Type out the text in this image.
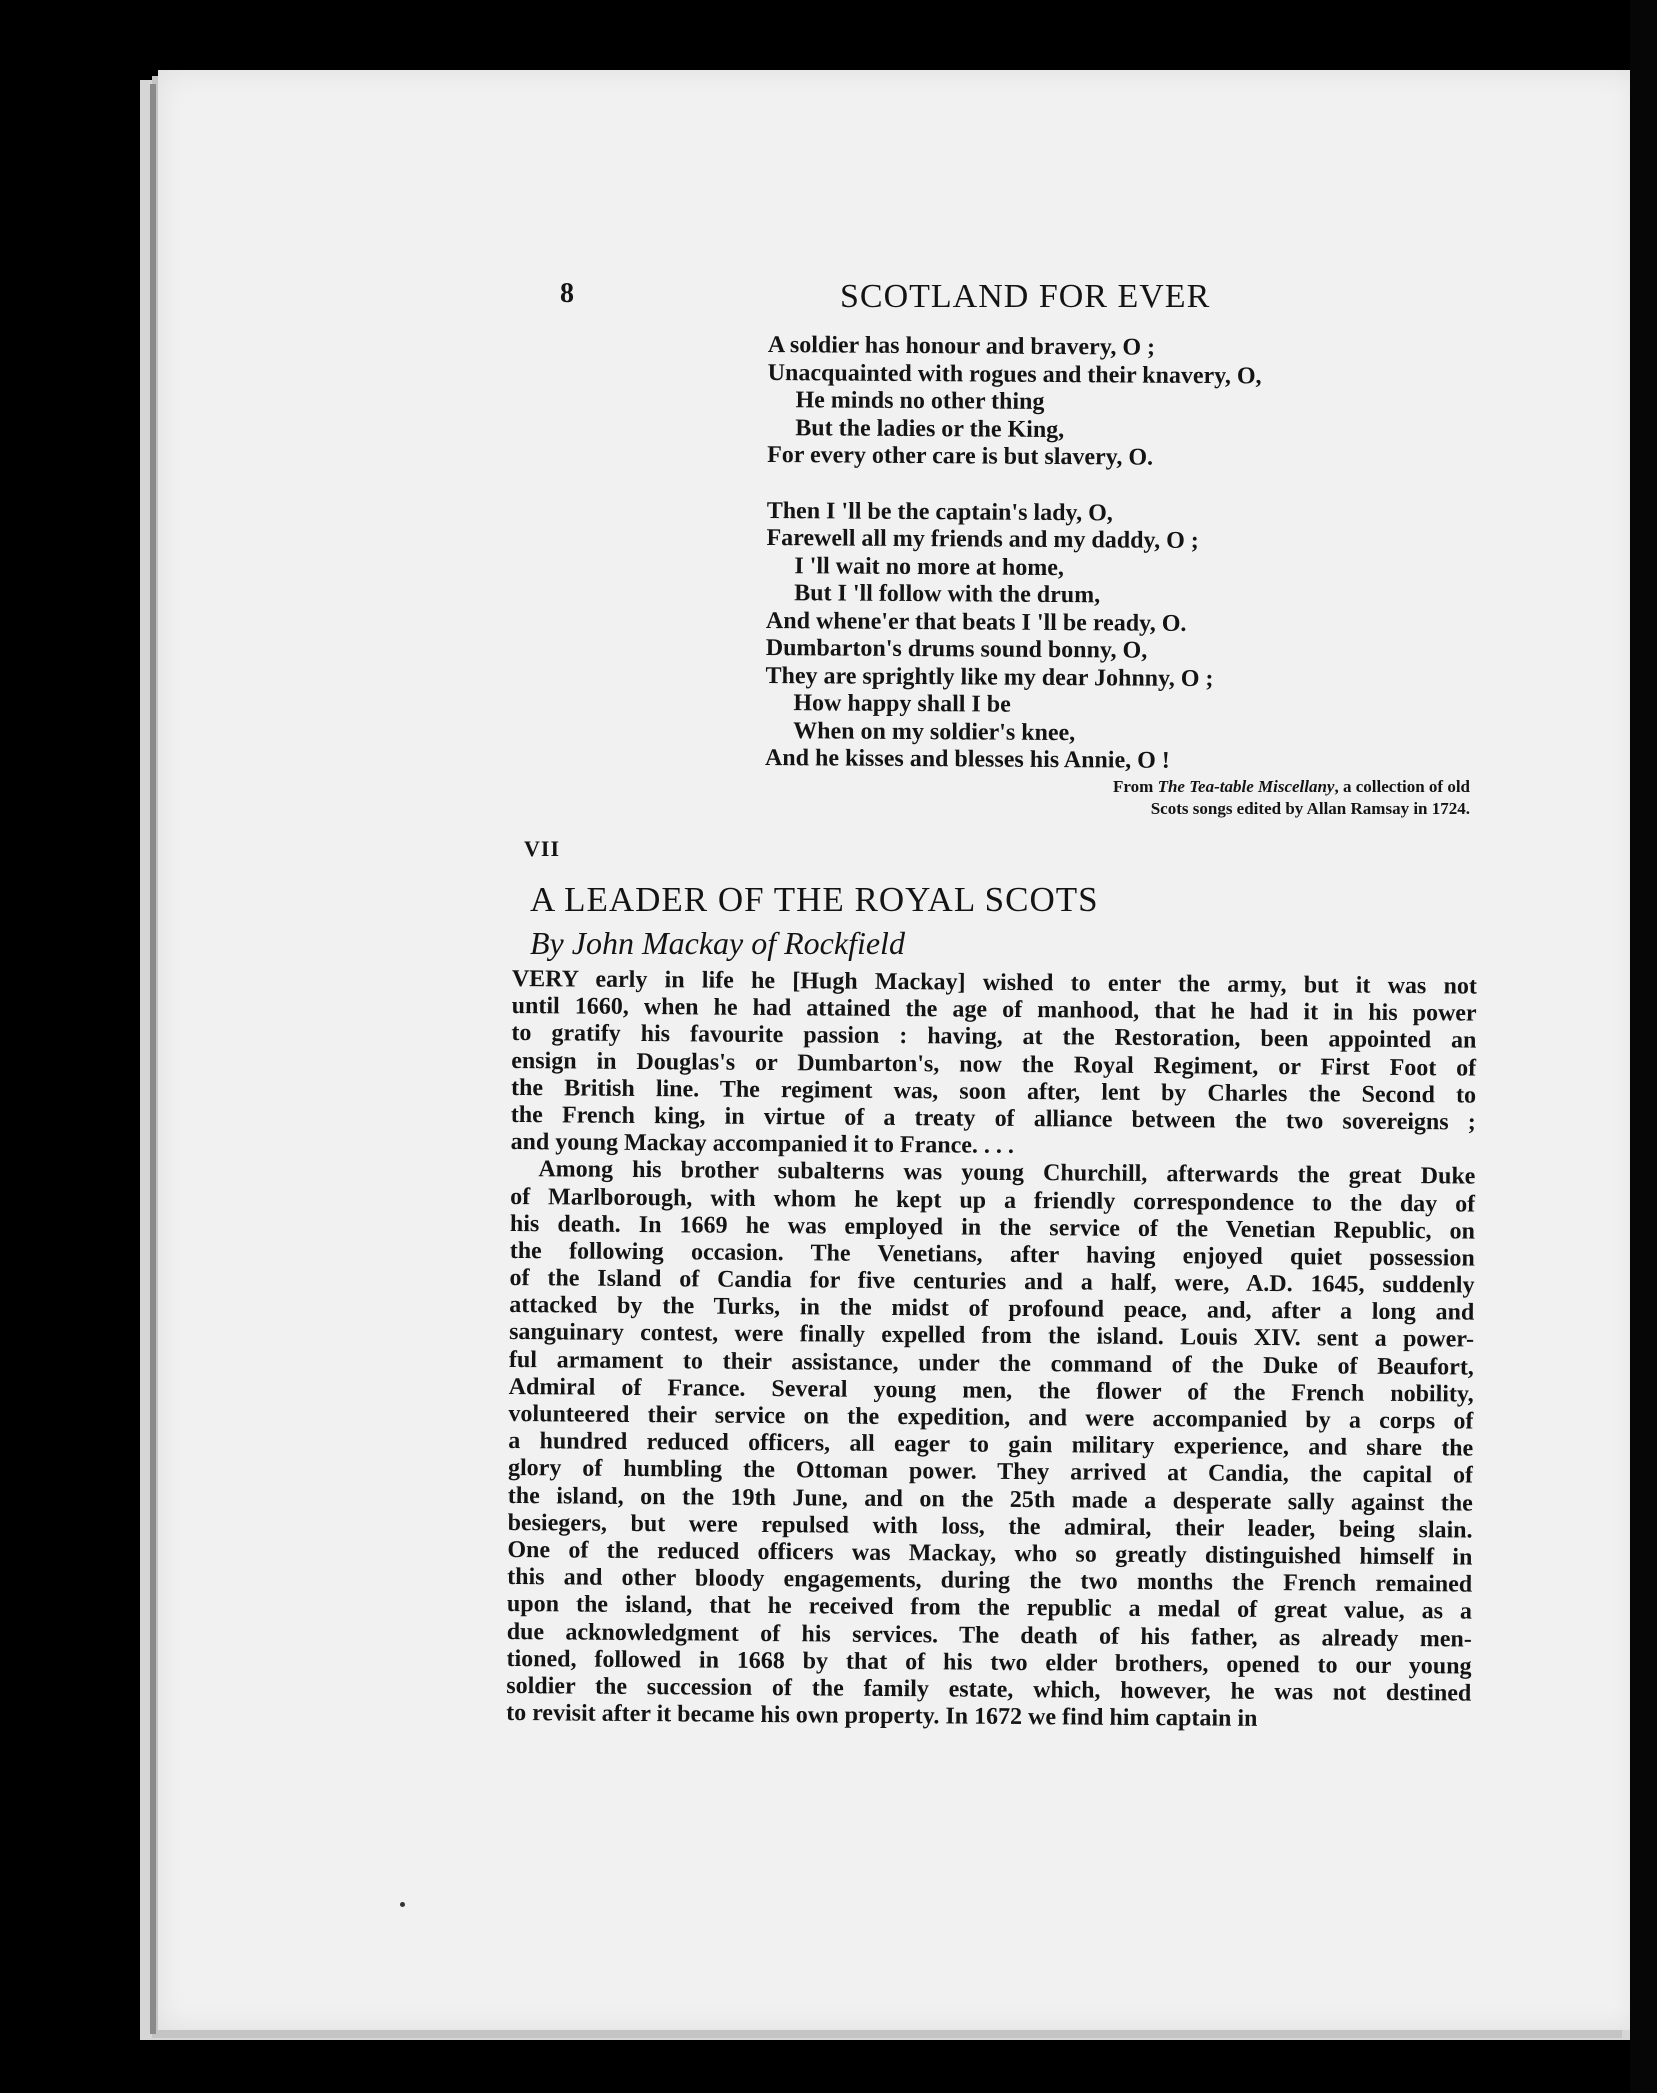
8	SCOTLAND FOR EVER
A soldier has honour and bravery, O ;
Unacquainted with rogues and their knavery, O,
He minds no other thing
But the ladies or the King,
For every other care is but slavery, O.
Then I 'll be the captain's lady, O,
Farewell all my friends and my daddy, O ;
I 'll wait no more at home,
But I 'll follow with the drum,
And whene'er that beats I 'll be ready, O.
Dumbarton's drums sound bonny, O,
They are sprightly like my dear Johnny, O ;
How happy shall I be
When on my soldier's knee,
And he kisses and blesses his Annie, O !
From The Tea-table Miscellany, a collection of old
Scots songs edited by Allan Ramsay in 1724.
VII
A LEADER OF THE ROYAL SCOTS
By John Mackay of Rockfield
VERY early in life he [Hugh Mackay] wished to enter the army, but it was not
until 1660, when he had attained the age of manhood, that he had it in his power
to gratify his favourite passion : having, at the Restoration, been appointed an
ensign in Douglas's or Dumbarton's, now the Royal Regiment, or First Foot of
the British line. The regiment was, soon after, lent by Charles the Second to
the French king, in virtue of a treaty of alliance between the two sovereigns ;
and young Mackay accompanied it to France. . . .
Among his brother subalterns was young Churchill, afterwards the great Duke
of Marlborough, with whom he kept up a friendly correspondence to the day of
his death. In 1669 he was employed in the service of the Venetian Republic, on
the following occasion. The Venetians, after having enjoyed quiet possession
of the Island of Candia for five centuries and a half, were, A.D. 1645, suddenly
attacked by the Turks, in the midst of profound peace, and, after a long and
sanguinary contest, were finally expelled from the island. Louis XIV. sent a power-
ful armament to their assistance, under the command of the Duke of Beaufort,
Admiral of France. Several young men, the flower of the French nobility,
volunteered their service on the expedition, and were accompanied by a corps of
a hundred reduced officers, all eager to gain military experience, and share the
glory of humbling the Ottoman power. They arrived at Candia, the capital of
the island, on the 19th June, and on the 25th made a desperate sally against the
besiegers, but were repulsed with loss, the admiral, their leader, being slain.
One of the reduced officers was Mackay, who so greatly distinguished himself in
this and other bloody engagements, during the two months the French remained
upon the island, that he received from the republic a medal of great value, as a
due acknowledgment of his services. The death of his father, as already men-
tioned, followed in 1668 by that of his two elder brothers, opened to our young
soldier the succession of the family estate, which, however, he was not destined
to revisit after it became his own property. In 1672 we find him captain in
